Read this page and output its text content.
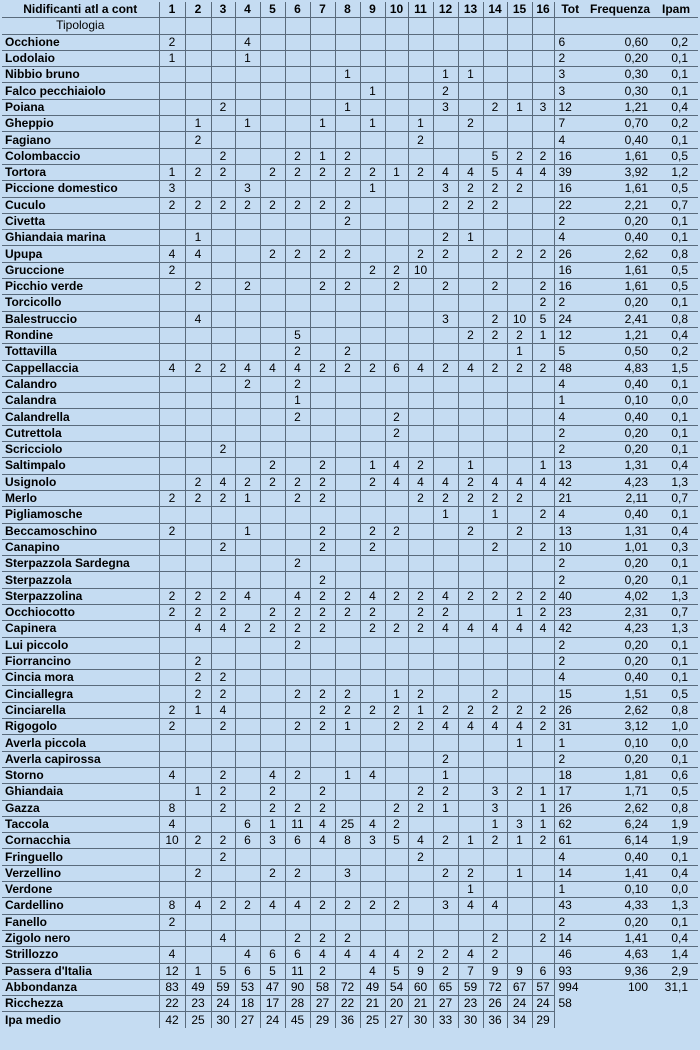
Nidificanti atl a cont	1	2	3	4	5	6	7	8	9	10	11	12	13	14	15	16	Tot	Frequenza	Ipam
Tipologia																			
Occhione	2			4													6	0,60	0,2
Lodolaio	1			1													2	0,20	0,1
Nibbio bruno								1				1	1				3	0,30	0,1
Falco pecchiaiolo									1			2					3	0,30	0,1
Poiana			2					1				3		2	1	3	12	1,21	0,4
Gheppio		1		1			1		1		1		2				7	0,70	0,2
Fagiano		2									2						4	0,40	0,1
Colombaccio			2			2	1	2						5	2	2	16	1,61	0,5
Tortora	1	2	2		2	2	2	2	2	1	2	4	4	5	4	4	39	3,92	1,2
Piccione domestico	3			3					1			3	2	2	2		16	1,61	0,5
Cuculo	2	2	2	2	2	2	2	2				2	2	2			22	2,21	0,7
Civetta								2									2	0,20	0,1
Ghiandaia marina		1										2	1				4	0,40	0,1
Upupa	4	4			2	2	2	2			2	2		2	2	2	26	2,62	0,8
Gruccione	2								2	2	10						16	1,61	0,5
Picchio verde		2		2			2	2		2		2		2		2	16	1,61	0,5
Torcicollo																2	2	0,20	0,1
Balestruccio		4										3		2	10	5	24	2,41	0,8
Rondine						5							2	2	2	1	12	1,21	0,4
Tottavilla						2		2							1		5	0,50	0,2
Cappellaccia	4	2	2	4	4	4	2	2	2	6	4	2	4	2	2	2	48	4,83	1,5
Calandro				2		2											4	0,40	0,1
Calandra						1											1	0,10	0,0
Calandrella						2				2							4	0,40	0,1
Cutrettola										2							2	0,20	0,1
Scricciolo			2														2	0,20	0,1
Saltimpalo					2		2		1	4	2		1			1	13	1,31	0,4
Usignolo		2	4	2	2	2	2		2	4	4	4	2	4	4	4	42	4,23	1,3
Merlo	2	2	2	1		2	2				2	2	2	2	2		21	2,11	0,7
Pigliamosche												1		1		2	4	0,40	0,1
Beccamoschino	2			1			2		2	2			2		2		13	1,31	0,4
Canapino			2				2		2					2		2	10	1,01	0,3
Sterpazzola Sardegna						2											2	0,20	0,1
Sterpazzola							2										2	0,20	0,1
Sterpazzolina	2	2	2	4		4	2	2	4	2	2	4	2	2	2	2	40	4,02	1,3
Occhiocotto	2	2	2		2	2	2	2	2		2	2			1	2	23	2,31	0,7
Capinera		4	4	2	2	2	2		2	2	2	4	4	4	4	4	42	4,23	1,3
Lui piccolo						2											2	0,20	0,1
Fiorrancino		2															2	0,20	0,1
Cincia mora		2	2														4	0,40	0,1
Cinciallegra		2	2			2	2	2		1	2			2			15	1,51	0,5
Cinciarella	2	1	4				2	2	2	2	1	2	2	2	2	2	26	2,62	0,8
Rigogolo	2		2			2	2	1		2	2	4	4	4	4	2	31	3,12	1,0
Averla piccola															1		1	0,10	0,0
Averla capirossa												2					2	0,20	0,1
Storno	4		2		4	2		1	4			1					18	1,81	0,6
Ghiandaia		1	2		2		2				2	2		3	2	1	17	1,71	0,5
Gazza	8		2		2	2	2			2	2	1		3		1	26	2,62	0,8
Taccola	4			6	1	11	4	25	4	2				1	3	1	62	6,24	1,9
Cornacchia	10	2	2	6	3	6	4	8	3	5	4	2	1	2	1	2	61	6,14	1,9
Fringuello			2								2						4	0,40	0,1
Verzellino		2			2	2		3				2	2		1		14	1,41	0,4
Verdone													1				1	0,10	0,0
Cardellino	8	4	2	2	4	4	2	2	2	2		3	4	4			43	4,33	1,3
Fanello	2																2	0,20	0,1
Zigolo nero			4			2	2	2						2		2	14	1,41	0,4
Strillozzo	4			4	6	6	4	4	4	4	2	2	4	2			46	4,63	1,4
Passera d'Italia	12	1	5	6	5	11	2		4	5	9	2	7	9	9	6	93	9,36	2,9
Abbondanza	83	49	59	53	47	90	58	72	49	54	60	65	59	72	67	57	994	100	31,1
Ricchezza	22	23	24	18	17	28	27	22	21	20	21	27	23	26	24	24	58		
Ipa medio	42	25	30	27	24	45	29	36	25	27	30	33	30	36	34	29			
